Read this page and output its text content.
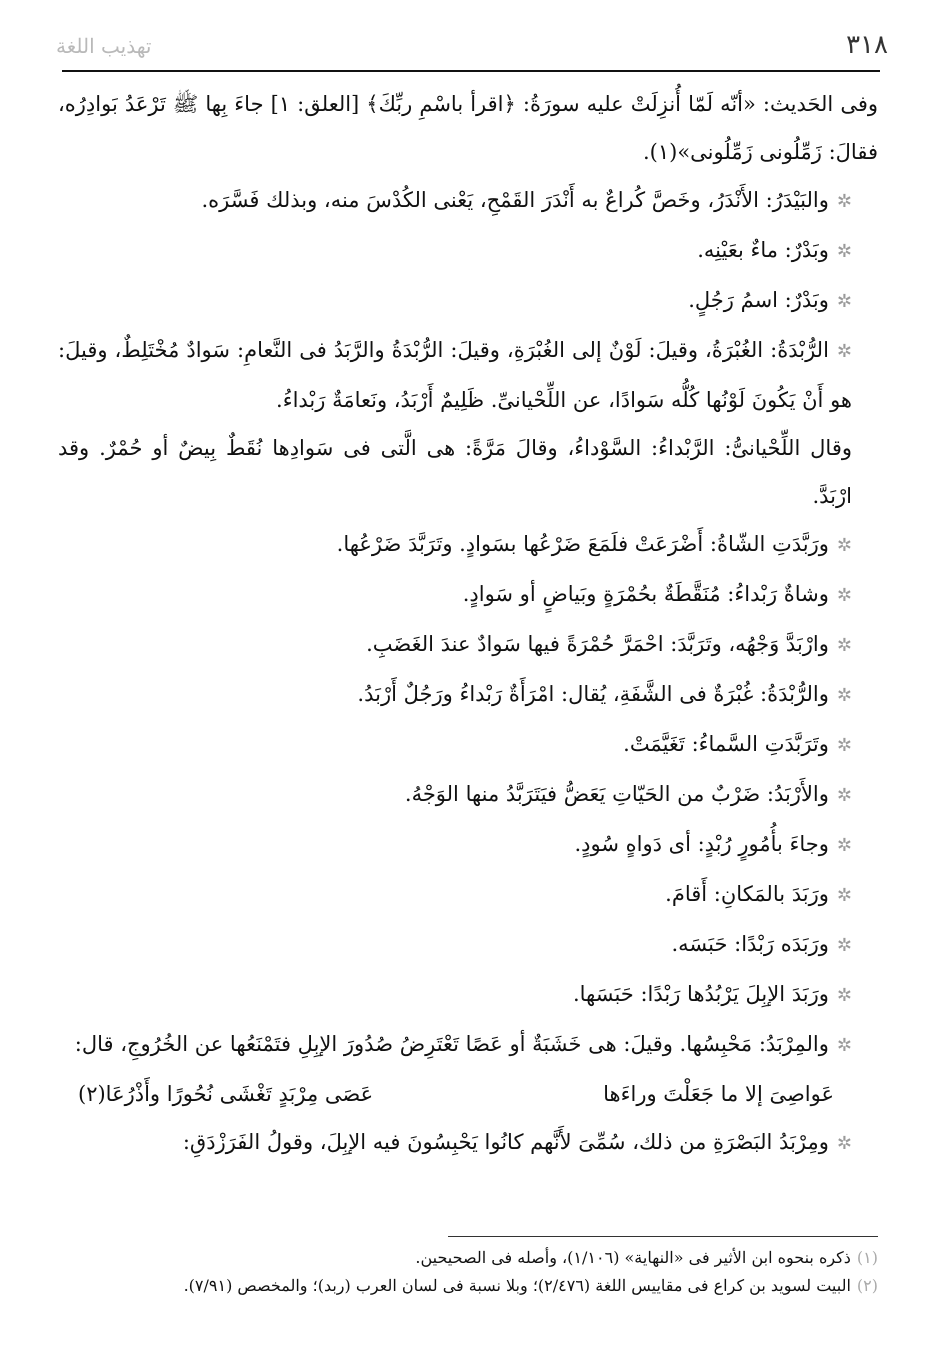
٣١٨
تهذيب اللغة

وفى الحَديث: «أنّه لَمّا أُنزِلَتْ عليه سورَةُ: ﴿اقرأ باسْمِ ربِّكَ﴾ [العلق: ١] جاءَ بِها ﷺ تَرْعَدُ بَوادِرُه، فقالَ: زَمِّلُونى زَمِّلُونى»(١).

✲والبَيْدَرُ: الأَنْدَرُ، وخَصَّ كُراعٌ به أَنْدَرَ القَمْحِ، يَعْنى الكُدْسَ منه، وبذلك فَسَّرَه.

✲وبَدْرٌ: ماءٌ بعَيْنِه.

✲وبَدْرٌ: اسمُ رَجُلٍ.

✲الرُّبْدَةُ: الغُبْرَةُ، وقيلَ: لَوْنٌ إلى الغُبْرَةِ، وقيلَ: الرُّبْدَةُ والرَّبَدُ فى النَّعامِ: سَوادٌ مُخْتَلِطٌ، وقيلَ: هو أَنْ يَكُونَ لَوْنُها كُلُّه سَوادًا، عن اللِّحْيانىِّ. ظَلِيمٌ أَرْبَدُ، ونَعامَةٌ رَبْداءُ.

وقال اللِّحْيانىُّ: الرَّبْداءُ: السَّوْداءُ، وقالَ مَرَّةً: هى الَّتى فى سَوادِها نُقَطٌ بِيضٌ أو حُمْرٌ. وقد ارْبَدَّ.

✲ورَبَّدَتِ الشّاةُ: أَضْرَعَتْ فلَمَعَ ضَرْعُها بسَوادٍ. وتَرَبَّدَ ضَرْعُها.

✲وشاةٌ رَبْداءُ: مُنَقَّطَةٌ بحُمْرَةٍ وبَياضٍ أو سَوادٍ.

✲وارْبَدَّ وَجْهُه، وتَرَبَّدَ: احْمَرَّ حُمْرَةً فيها سَوادٌ عندَ الغَضَبِ.

✲والرُّبْدَةُ: غُبْرَةٌ فى الشَّفَةِ، يُقال: امْرَأَةٌ رَبْداءُ ورَجُلٌ أَرْبَدُ.

✲وتَرَبَّدَتِ السَّماءُ: تَغَيَّمَتْ.

✲والأَرْبَدُ: ضَرْبٌ من الحَيّاتِ يَعَضُّ فيَتَرَبَّدُ منها الوَجْهُ.

✲وجاءَ بأُمُورٍ رُبْدٍ: أى دَواهٍ سُودٍ.

✲ورَبَدَ بالمَكانِ: أَقامَ.

✲ورَبَدَه رَبْدًا: حَبَسَه.

✲ورَبَدَ الإبِلَ يَرْبُدُها رَبْدًا: حَبَسَها.

✲والمِرْبَدُ: مَحْبِسُها. وقيلَ: هى خَشَبَةٌ أو عَصًا تَعْتَرِضُ صُدُورَ الإبِلِ فتَمْنَعُها عن الخُرُوجِ، قال:

عَواصِىَ إلا ما جَعَلْتَ وراءَها
عَصَى مِرْبَدٍ تَغْشَى نُحُورًا وأَذْرُعَا(٢)

✲ومِرْبَدُ البَصْرَةِ من ذلك، سُمِّىَ لأَنَّهم كانُوا يَحْبِسُونَ فيه الإبِلَ، وقولُ الفَرَزْدَقِ:

(١)ذكره بنحوه ابن الأثير فى «النهاية» (١/١٠٦)، وأصله فى الصحيحين.

(٢)البيت لسويد بن كراع فى مقاييس اللغة (٢/٤٧٦)؛ وبلا نسبة فى لسان العرب (ربد)؛ والمخصص (٧/٩١).
